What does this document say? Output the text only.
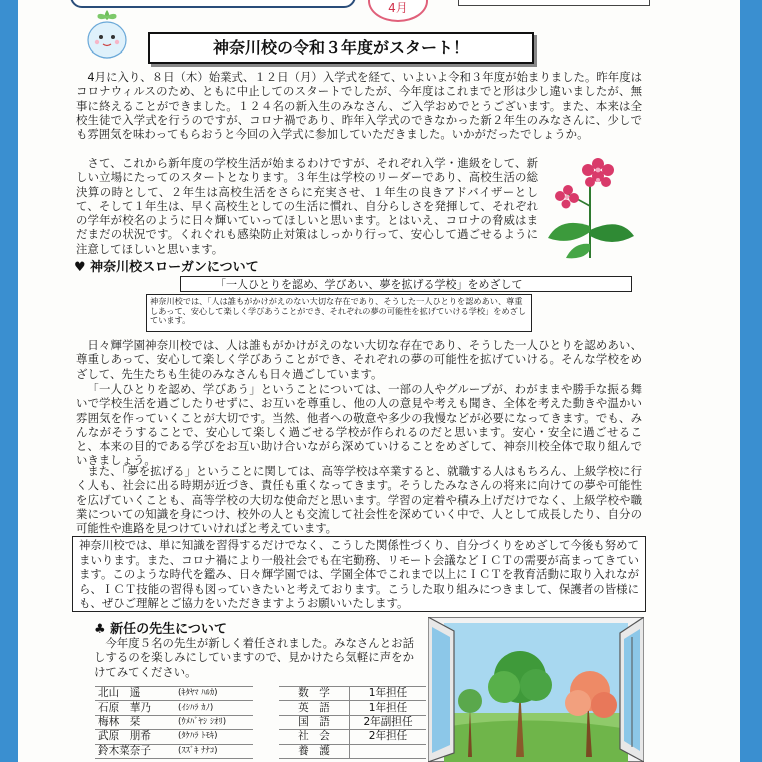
4月
神奈川校の令和３年度がスタート！
4月に入り、８日（木）始業式、１２日（月）入学式を経て、いよいよ令和３年度が始まりました。昨年度はコロナウィルスのため、ともに中止してのスタートでしたが、今年度はこれまでと形は少し違いましたが、無事に終えることができました。１２４名の新入生のみなさん、ご入学おめでとうございます。また、本来は全校生徒で入学式を行うのですが、コロナ禍であり、昨年入学式のできなかった新２年生のみなさんに、少しでも雰囲気を味わってもらおうと今回の入学式に参加していただきました。いかがだったでしょうか。
さて、これから新年度の学校生活が始まるわけですが、それぞれ入学・進級をして、新しい立場にたってのスタートとなります。３年生は学校のリーダーであり、高校生活の総決算の時として、２年生は高校生活をさらに充実させ、１年生の良きアドバイザーとして、そして１年生は、早く高校生としての生活に慣れ、自分らしさを発揮して、それぞれの学年が校名のように日々輝いていってほしいと思います。とはいえ、コロナの脅威はまだまだの状況です。くれぐれも感染防止対策はしっかり行って、安心して過ごせるように注意してほしいと思います。
♥ 神奈川校スローガンについて
「一人ひとりを認め、学びあい、夢を拡げる学校」をめざして
神奈川校では、「人は誰もがかけがえのない大切な存在であり、そうした一人ひとりを認めあい、尊重しあって、安心して楽しく学びあうことができ、それぞれの夢の可能性を拡げていける学校」をめざしています。
日々輝学園神奈川校では、人は誰もがかけがえのない大切な存在であり、そうした一人ひとりを認めあい、尊重しあって、安心して楽しく学びあうことができ、それぞれの夢の可能性を拡げていける。そんな学校をめざして、先生たちも生徒のみなさんも日々過ごしています。
「一人ひとりを認め、学びあう」ということについては、一部の人やグループが、わがままや勝手な振る舞いで学校生活を過ごしたりせずに、お互いを尊重し、他の人の意見や考えも聞き、全体を考えた動きや温かい雰囲気を作っていくことが大切です。当然、他者への敬意や多少の我慢などが必要になってきます。でも、みんながそうすることで、安心して楽しく過ごせる学校が作られるのだと思います。安心・安全に過ごせること、本来の目的である学びをお互い助け合いながら深めていけることをめざして、神奈川校全体で取り組んでいきましょう。
また、「夢を拡げる」ということに関しては、高等学校は卒業すると、就職する人はもちろん、上級学校に行く人も、社会に出る時期が近づき、責任も重くなってきます。そうしたみなさんの将来に向けての夢や可能性を広げていくことも、高等学校の大切な使命だと思います。学習の定着や積み上げだけでなく、上級学校や職業についての知識を身につけ、校外の人とも交流して社会性を深めていく中で、人として成長したり、自分の可能性や進路を見つけていければと考えています。
神奈川校では、単に知識を習得するだけでなく、こうした関係性づくり、自分づくりをめざして今後も努めてまいります。また、コロナ禍により一般社会でも在宅勤務、リモート会議などＩＣＴの需要が高まってきています。このような時代を鑑み、日々輝学園では、学園全体でこれまで以上にＩＣＴを教育活動に取り入れながら、ＩＣＴ技能の習得も図っていきたいと考えております。こうした取り組みにつきまして、保護者の皆様にも、ぜひご理解とご協力をいただきますようお願いいたします。
♣ 新任の先生について
今年度５名の先生が新しく着任されました。みなさんとお話しするのを楽しみにしていますので、見かけたら気軽に声をかけてみてください。
北山　遥	(ｷﾀﾔﾏ ﾊﾙｶ)		数　学	1年担任
石原　華乃	(ｲｼﾊﾗ ｶﾉ)		英　語	1年担任
梅林　栞	(ｳﾒﾊﾞﾔｼ ｼｵﾘ)		国　語	2年副担任
武原　朋希	(ﾀｹﾊﾗ ﾄﾓｷ)		社　会	2年担任
鈴木菜奈子	(ｽｽﾞｷ ﾅﾅｺ)		養　護	
